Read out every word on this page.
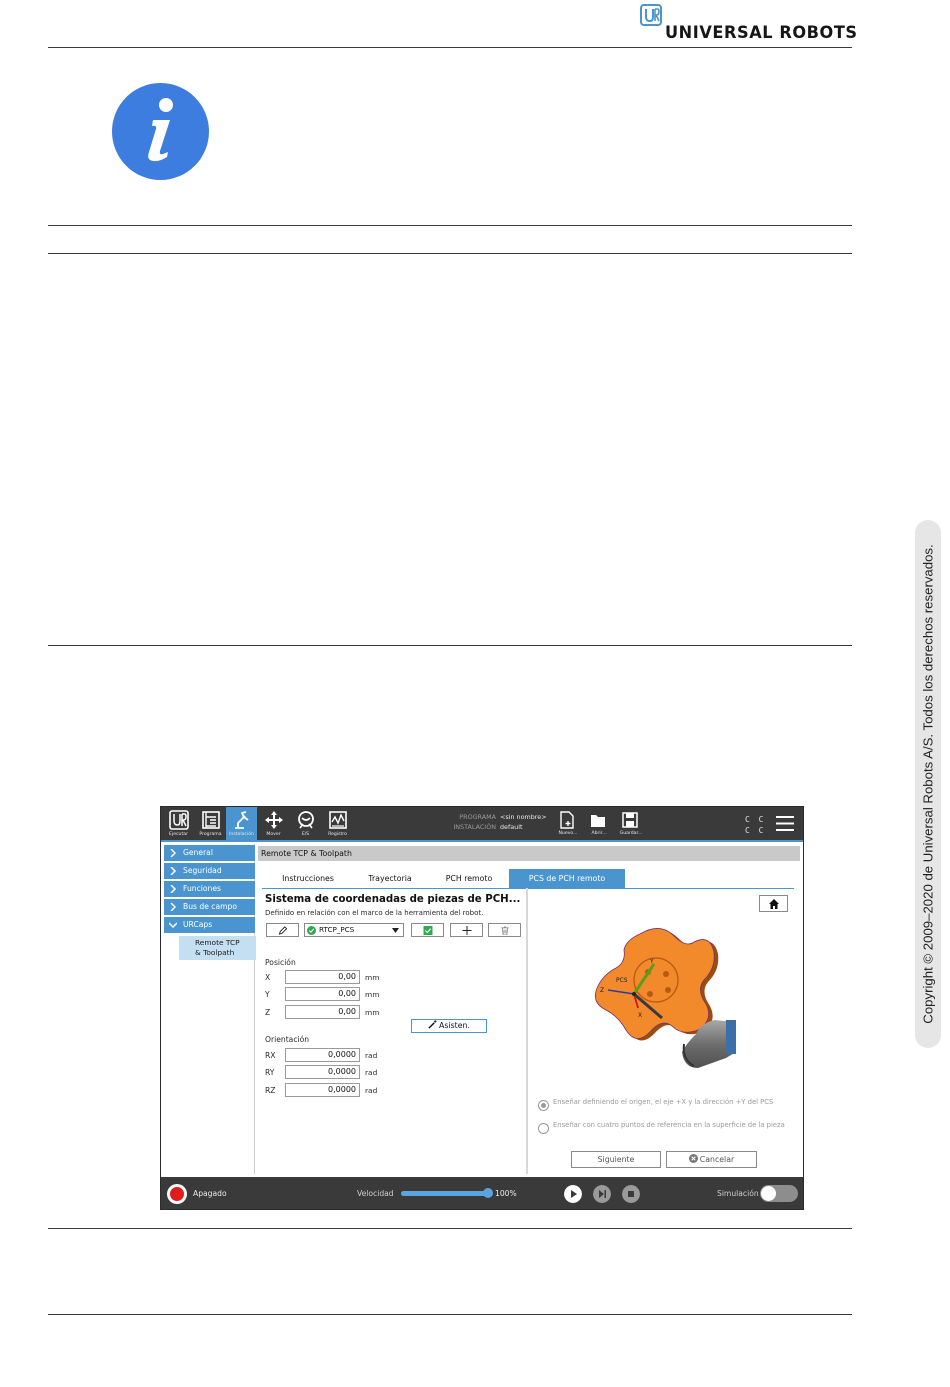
UNIVERSAL ROBOTS
Copyright © 2009–2020 de Universal Robots A/S. Todos los derechos reservados.
Ejecutar	Programa	Instalación	Mover	E/S	Registro
PROGRAMA <sin nombre>
INSTALACIÓN default
Nuevo...	Abrir...	Guardar...
C C
C C
General
Seguridad
Funciones
Bus de campo
URCaps
Remote TCP
& Toolpath
Remote TCP & Toolpath
Instrucciones	Trayectoria	PCH remoto	PCS de PCH remoto
Sistema de coordenadas de piezas de PCH...
Definido en relación con el marco de la herramienta del robot.
RTCP_PCS
Posición
X	0,00	mm
Y	0,00	mm
Z	0,00	mm
Asisten.
Orientación
RX	0,0000	rad
RY	0,0000	rad
RZ	0,0000	rad
PCS
Z
X
Y
Enseñar definiendo el origen, el eje +X y la dirección +Y del PCS
Enseñar con cuatro puntos de referencia en la superficie de la pieza
Siguiente	Cancelar
Apagado	Velocidad	100%	Simulación
